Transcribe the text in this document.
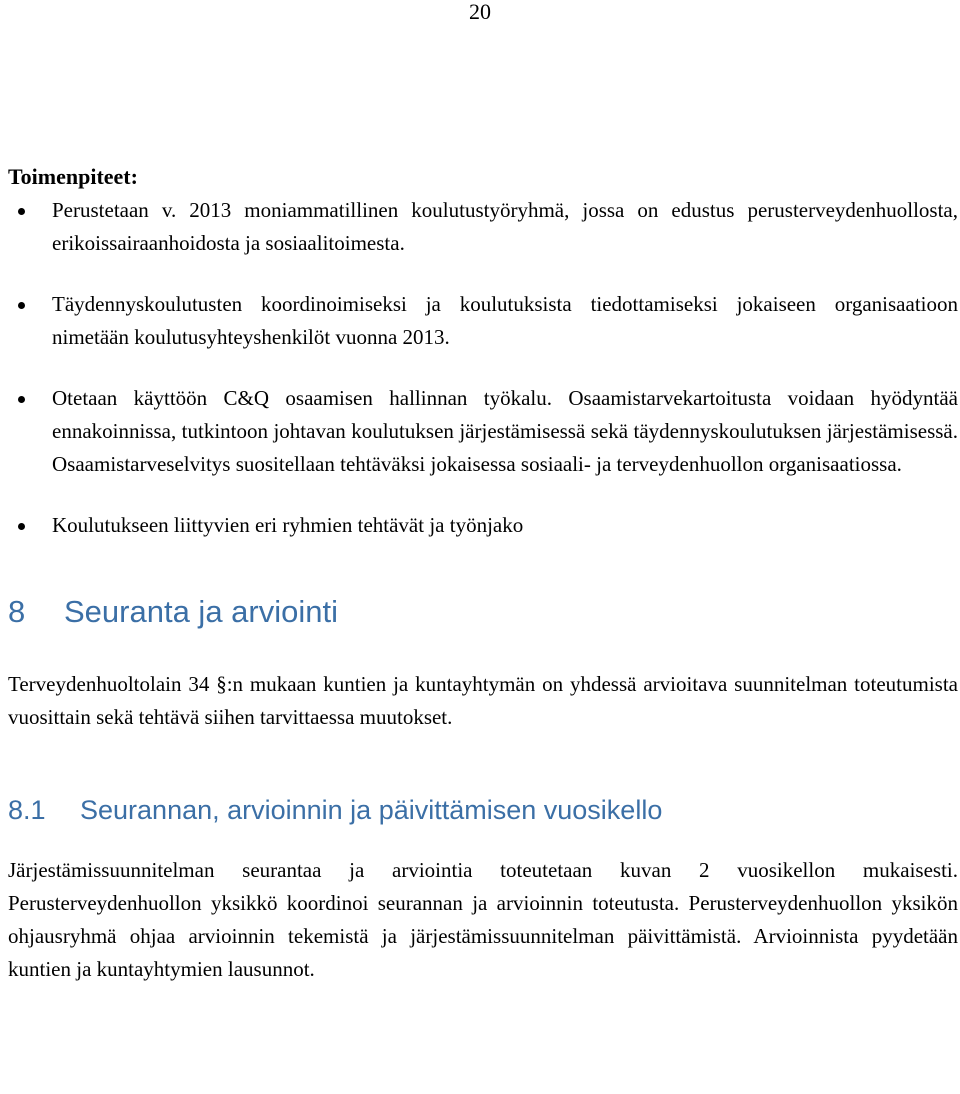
20
Toimenpiteet:
Perustetaan v. 2013 moniammatillinen koulutustyöryhmä, jossa on edustus perusterveydenhuollosta, erikoissairaanhoidosta ja sosiaalitoimesta.
Täydennyskoulutusten koordinoimiseksi ja koulutuksista tiedottamiseksi jokaiseen organisaatioon nimetään koulutusyhteyshenkilöt vuonna 2013.
Otetaan käyttöön C&Q osaamisen hallinnan työkalu. Osaamistarvekartoitusta voidaan hyödyntää ennakoinnissa, tutkintoon johtavan koulutuksen järjestämisessä sekä täydennyskoulutuksen järjestämisessä. Osaamistarveselvitys suositellaan tehtäväksi jokaisessa sosiaali- ja terveydenhuollon organisaatiossa.
Koulutukseen liittyvien eri ryhmien tehtävät ja työnjako
8	Seuranta ja arviointi

Terveydenhuoltolain 34 §:n mukaan kuntien ja kuntayhtymän on yhdessä arvioitava suunnitelman toteutumista vuosittain sekä tehtävä siihen tarvittaessa muutokset.

8.1	Seurannan, arvioinnin ja päivittämisen vuosikello

Järjestämissuunnitelman seurantaa ja arviointia toteutetaan kuvan 2 vuosikellon mukaisesti. Perusterveydenhuollon yksikkö koordinoi seurannan ja arvioinnin toteutusta. Perusterveydenhuollon yksikön ohjausryhmä ohjaa arvioinnin tekemistä ja järjestämissuunnitelman päivittämistä. Arvioinnista pyydetään kuntien ja kuntayhtymien lausunnot.
